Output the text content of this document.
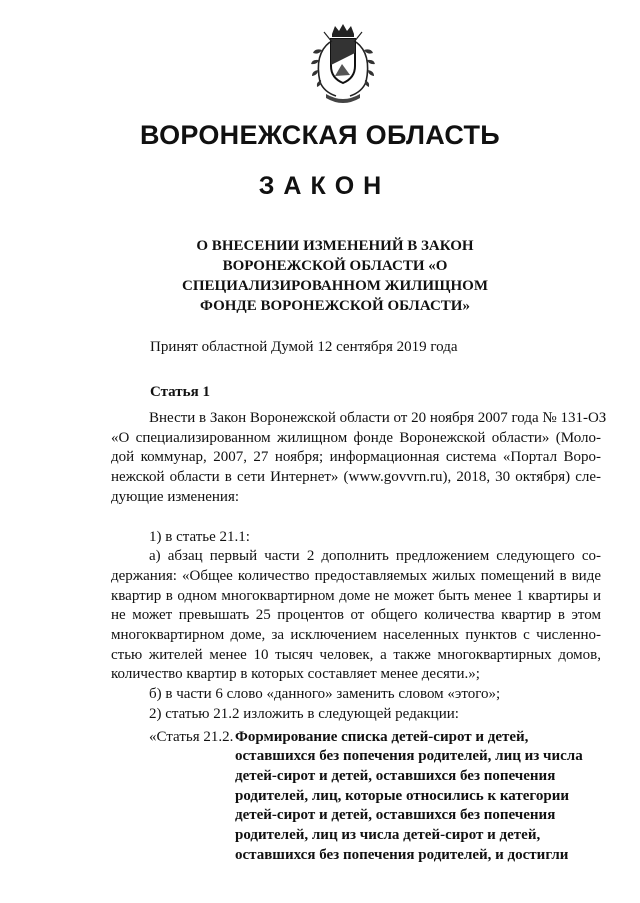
ВОРОНЕЖСКАЯ ОБЛАСТЬ
ЗАКОН
О ВНЕСЕНИИ ИЗМЕНЕНИЙ В ЗАКОН
ВОРОНЕЖСКОЙ ОБЛАСТИ «О
СПЕЦИАЛИЗИРОВАННОМ ЖИЛИЩНОМ
ФОНДЕ ВОРОНЕЖСКОЙ ОБЛАСТИ»

Принят областной Думой 12 сентября 2019 года

Статья 1

Внести в Закон Воронежской области от 20 ноября 2007 года № 131-ОЗ
«О специализированном жилищном фонде Воронежской области» (Моло-
дой коммунар, 2007, 27 ноября; информационная система «Портал Воро-
нежской области в сети Интернет» (www.govvrn.ru), 2018, 30 октября) сле-
дующие изменения:

1) в статье 21.1:

а) абзац первый части 2 дополнить предложением следующего со-
держания: «Общее количество предоставляемых жилых помещений в виде
квартир в одном многоквартирном доме не может быть менее 1 квартиры и
не может превышать 25 процентов от общего количества квартир в этом
многоквартирном доме, за исключением населенных пунктов с численно-
стью жителей менее 10 тысяч человек, а также многоквартирных домов,
количество квартир в которых составляет менее десяти.»;

б) в части 6 слово «данного» заменить словом «этого»;

2) статью 21.2 изложить в следующей редакции:

«Статья 21.2. Формирование списка детей-сирот и детей,
оставшихся без попечения родителей, лиц из числа
детей-сирот и детей, оставшихся без попечения
родителей, лиц, которые относились к категории
детей-сирот и детей, оставшихся без попечения
родителей, лиц из числа детей-сирот и детей,
оставшихся без попечения родителей, и достигли
